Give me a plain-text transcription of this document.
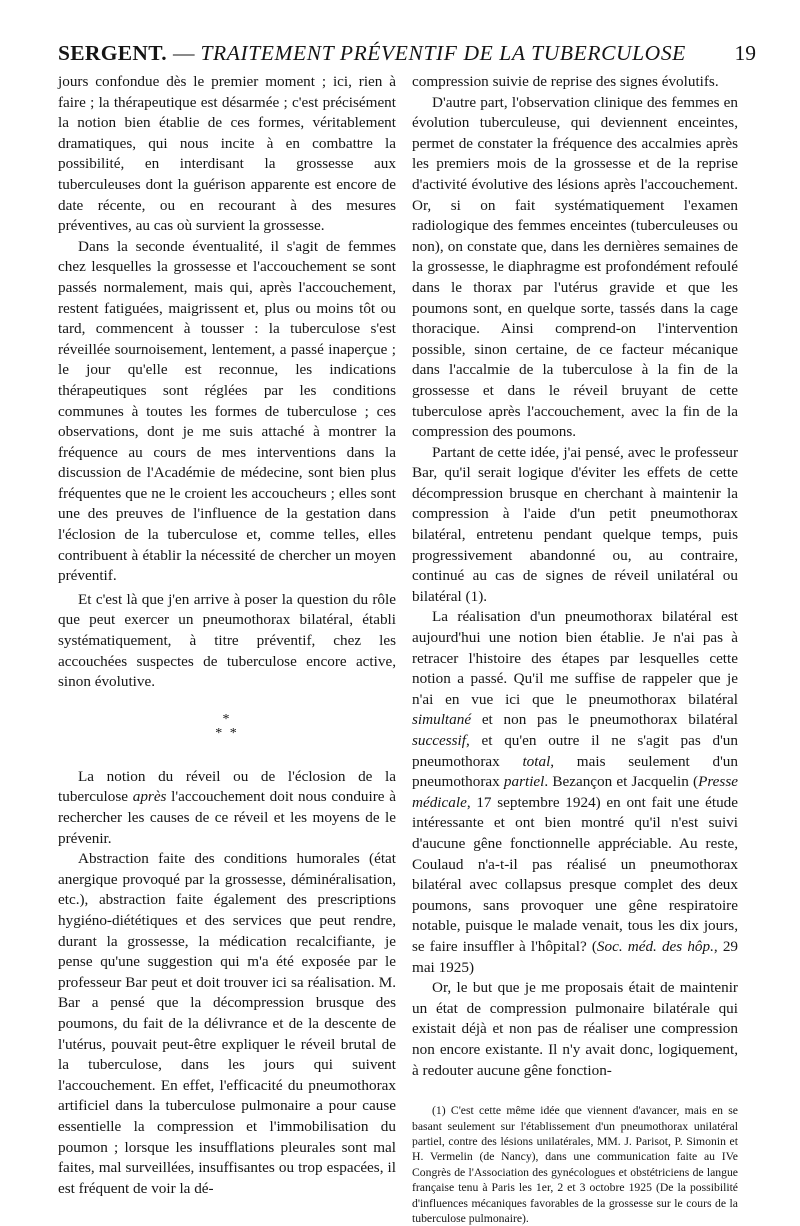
SERGENT. — TRAITEMENT PRÉVENTIF DE LA TUBERCULOSE 19

jours confondue dès le premier moment ; ici, rien à faire ; la thérapeutique est désarmée ; c'est précisément la notion bien établie de ces formes, véritablement dramatiques, qui nous incite à en combattre la possibilité, en interdisant la grossesse aux tuberculeuses dont la guérison apparente est encore de date récente, ou en recourant à des mesures préventives, au cas où survient la grossesse.

Dans la seconde éventualité, il s'agit de femmes chez lesquelles la grossesse et l'accouchement se sont passés normalement, mais qui, après l'accouchement, restent fatiguées, maigrissent et, plus ou moins tôt ou tard, commencent à tousser : la tuberculose s'est réveillée sournoisement, lentement, a passé inaperçue ; le jour qu'elle est reconnue, les indications thérapeutiques sont réglées par les conditions communes à toutes les formes de tuberculose ; ces observations, dont je me suis attaché à montrer la fréquence au cours de mes interventions dans la discussion de l'Académie de médecine, sont bien plus fréquentes que ne le croient les accoucheurs ; elles sont une des preuves de l'influence de la gestation dans l'éclosion de la tuberculose et, comme telles, elles contribuent à établir la nécessité de chercher un moyen préventif.

Et c'est là que j'en arrive à poser la question du rôle que peut exercer un pneumothorax bilatéral, établi systématiquement, à titre préventif, chez les accouchées suspectes de tuberculose encore active, sinon évolutive.

*
* *

La notion du réveil ou de l'éclosion de la tuberculose après l'accouchement doit nous conduire à rechercher les causes de ce réveil et les moyens de le prévenir.

Abstraction faite des conditions humorales (état anergique provoqué par la grossesse, déminéralisation, etc.), abstraction faite également des prescriptions hygiéno-diététiques et des services que peut rendre, durant la grossesse, la médication recalcifiante, je pense qu'une suggestion qui m'a été exposée par le professeur Bar peut et doit trouver ici sa réalisation. M. Bar a pensé que la décompression brusque des poumons, du fait de la délivrance et de la descente de l'utérus, pouvait peut-être expliquer le réveil brutal de la tuberculose, dans les jours qui suivent l'accouchement. En effet, l'efficacité du pneumothorax artificiel dans la tuberculose pulmonaire a pour cause essentielle la compression et l'immobilisation du poumon ; lorsque les insufflations pleurales sont mal faites, mal surveillées, insuffisantes ou trop espacées, il est fréquent de voir la dé-

compression suivie de reprise des signes évolutifs.

D'autre part, l'observation clinique des femmes en évolution tuberculeuse, qui deviennent enceintes, permet de constater la fréquence des accalmies après les premiers mois de la grossesse et de la reprise d'activité évolutive des lésions après l'accouchement. Or, si on fait systématiquement l'examen radiologique des femmes enceintes (tuberculeuses ou non), on constate que, dans les dernières semaines de la grossesse, le diaphragme est profondément refoulé dans le thorax par l'utérus gravide et que les poumons sont, en quelque sorte, tassés dans la cage thoracique. Ainsi comprend-on l'intervention possible, sinon certaine, de ce facteur mécanique dans l'accalmie de la tuberculose à la fin de la grossesse et dans le réveil bruyant de cette tuberculose après l'accouchement, avec la fin de la compression des poumons.

Partant de cette idée, j'ai pensé, avec le professeur Bar, qu'il serait logique d'éviter les effets de cette décompression brusque en cherchant à maintenir la compression à l'aide d'un petit pneumothorax bilatéral, entretenu pendant quelque temps, puis progressivement abandonné ou, au contraire, continué au cas de signes de réveil unilatéral ou bilatéral (1).

La réalisation d'un pneumothorax bilatéral est aujourd'hui une notion bien établie. Je n'ai pas à retracer l'histoire des étapes par lesquelles cette notion a passé. Qu'il me suffise de rappeler que je n'ai en vue ici que le pneumothorax bilatéral simultané et non pas le pneumothorax bilatéral successif, et qu'en outre il ne s'agit pas d'un pneumothorax total, mais seulement d'un pneumothorax partiel. Bezançon et Jacquelin (Presse médicale, 17 septembre 1924) en ont fait une étude intéressante et ont bien montré qu'il n'est suivi d'aucune gêne fonctionnelle appréciable. Au reste, Coulaud n'a-t-il pas réalisé un pneumothorax bilatéral avec collapsus presque complet des deux poumons, sans provoquer une gêne respiratoire notable, puisque le malade venait, tous les dix jours, se faire insuffler à l'hôpital? (Soc. méd. des hôp., 29 mai 1925)

Or, le but que je me proposais était de maintenir un état de compression pulmonaire bilatérale qui existait déjà et non pas de réaliser une compression non encore existante. Il n'y avait donc, logiquement, à redouter aucune gêne fonction-

(1) C'est cette même idée que viennent d'avancer, mais en se basant seulement sur l'établissement d'un pneumothorax unilatéral partiel, contre des lésions unilatérales, MM. J. Parisot, P. Simonin et H. Vermelin (de Nancy), dans une communication faite au IVe Congrès de l'Association des gynécologues et obstétriciens de langue française tenu à Paris les 1er, 2 et 3 octobre 1925 (De la possibilité d'influences mécaniques favorables de la grossesse sur le cours de la tuberculose pulmonaire).
